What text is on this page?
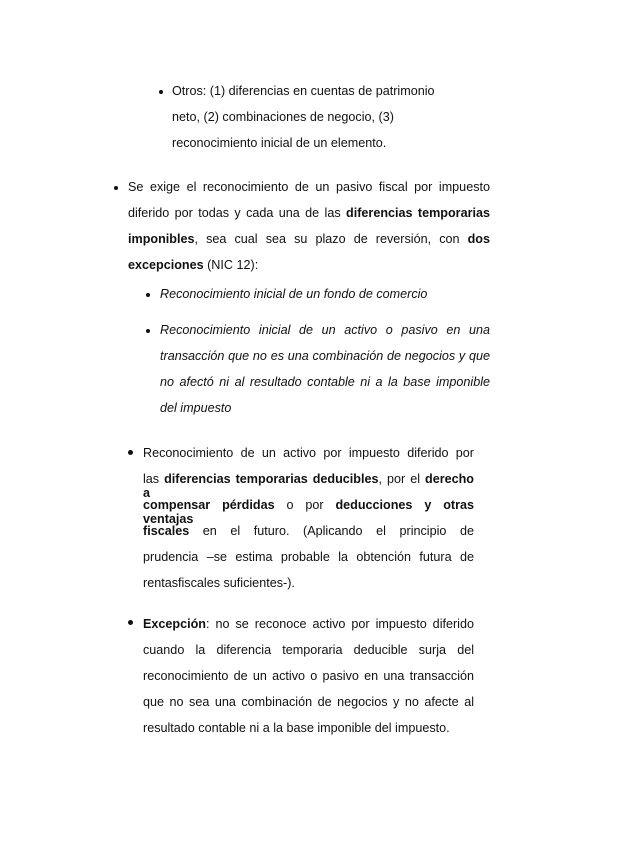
Otros: (1) diferencias en cuentas de patrimonio
neto, (2) combinaciones de negocio, (3)
reconocimiento inicial de un elemento.
Se exige el reconocimiento de un pasivo fiscal por impuesto
diferido por todas y cada una de las diferencias temporarias
imponibles, sea cual sea su plazo de reversión, con dos
excepciones (NIC 12):
Reconocimiento inicial de un fondo de comercio
Reconocimiento inicial de un activo o pasivo en una
transacción que no es una combinación de negocios y que
no afectó ni al resultado contable ni a la base imponible
del impuesto
Reconocimiento de un activo por impuesto diferido por
las diferencias temporarias deducibles, por el derecho a
compensar pérdidas o por deducciones y otras ventajas
fiscales en el futuro. (Aplicando el principio de
prudencia –se estima probable la obtención futura de
rentasfiscales suficientes-).
Excepción: no se reconoce activo por impuesto diferido
cuando la diferencia temporaria deducible surja del
reconocimiento de un activo o pasivo en una transacción
que no sea una combinación de negocios y no afecte al
resultado contable ni a la base imponible del impuesto.
